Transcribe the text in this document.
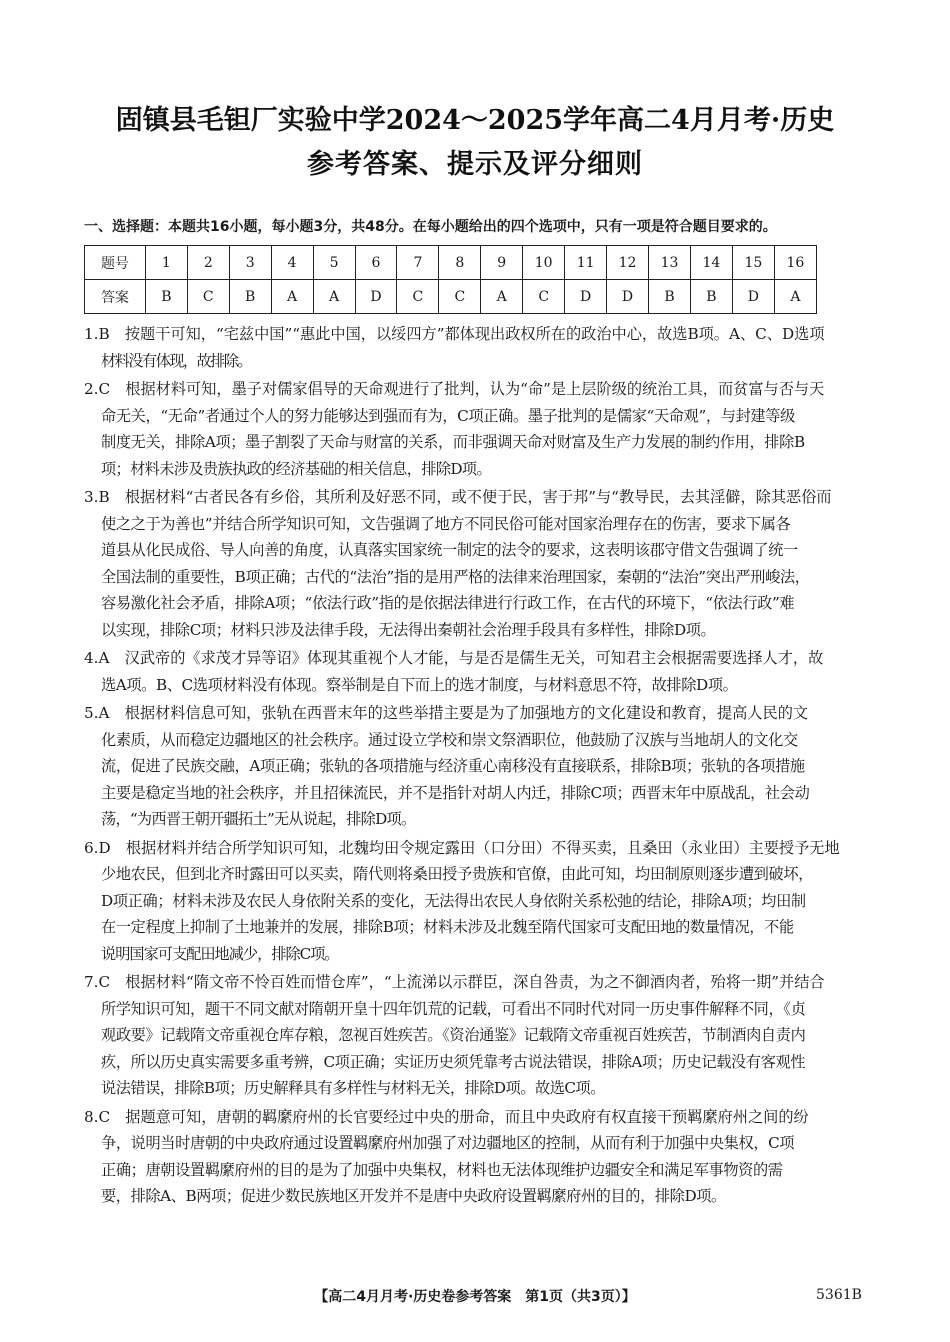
固镇县毛钽厂实验中学2024～2025学年高二4月月考·历史
参考答案、提示及评分细则
一、选择题：本题共16小题，每小题3分，共48分。在每小题给出的四个选项中，只有一项是符合题目要求的。
题号	1	2	3	4	5	6	7	8	9	10	11	12	13	14	15	16
答案	B	C	B	A	A	D	C	C	A	C	D	D	B	B	D	A
1.B　按题干可知，“宅兹中国”“惠此中国，以绥四方”都体现出政权所在的政治中心，故选B项。A、C、D选项
材料没有体现，故排除。
2.C　根据材料可知，墨子对儒家倡导的天命观进行了批判，认为“命”是上层阶级的统治工具，而贫富与否与天
命无关，“无命”者通过个人的努力能够达到强而有为，C项正确。墨子批判的是儒家“天命观”，与封建等级
制度无关，排除A项；墨子割裂了天命与财富的关系，而非强调天命对财富及生产力发展的制约作用，排除B
项；材料未涉及贵族执政的经济基础的相关信息，排除D项。
3.B　根据材料“古者民各有乡俗，其所利及好恶不同，或不便于民，害于邦”与“教导民，去其淫僻，除其恶俗而
使之之于为善也”并结合所学知识可知，文告强调了地方不同民俗可能对国家治理存在的伤害，要求下属各
道县从化民成俗、导人向善的角度，认真落实国家统一制定的法令的要求，这表明该郡守借文告强调了统一
全国法制的重要性，B项正确；古代的“法治”指的是用严格的法律来治理国家，秦朝的“法治”突出严刑峻法，
容易激化社会矛盾，排除A项；“依法行政”指的是依据法律进行行政工作，在古代的环境下，“依法行政”难
以实现，排除C项；材料只涉及法律手段，无法得出秦朝社会治理手段具有多样性，排除D项。
4.A　汉武帝的《求茂才异等诏》体现其重视个人才能，与是否是儒生无关，可知君主会根据需要选择人才，故
选A项。B、C选项材料没有体现。察举制是自下而上的选才制度，与材料意思不符，故排除D项。
5.A　根据材料信息可知，张轨在西晋末年的这些举措主要是为了加强地方的文化建设和教育，提高人民的文
化素质，从而稳定边疆地区的社会秩序。通过设立学校和崇文祭酒职位，他鼓励了汉族与当地胡人的文化交
流，促进了民族交融，A项正确；张轨的各项措施与经济重心南移没有直接联系，排除B项；张轨的各项措施
主要是稳定当地的社会秩序，并且招徕流民，并不是指针对胡人内迁，排除C项；西晋末年中原战乱，社会动
荡，“为西晋王朝开疆拓土”无从说起，排除D项。
6.D　根据材料并结合所学知识可知，北魏均田令规定露田（口分田）不得买卖，且桑田（永业田）主要授予无地
少地农民，但到北齐时露田可以买卖，隋代则将桑田授予贵族和官僚，由此可知，均田制原则逐步遭到破坏，
D项正确；材料未涉及农民人身依附关系的变化，无法得出农民人身依附关系松弛的结论，排除A项；均田制
在一定程度上抑制了土地兼并的发展，排除B项；材料未涉及北魏至隋代国家可支配田地的数量情况，不能
说明国家可支配田地减少，排除C项。
7.C　根据材料“隋文帝不怜百姓而惜仓库”，“上流涕以示群臣，深自咎责，为之不御酒肉者，殆将一期”并结合
所学知识可知，题干不同文献对隋朝开皇十四年饥荒的记载，可看出不同时代对同一历史事件解释不同，《贞
观政要》记载隋文帝重视仓库存粮，忽视百姓疾苦。《资治通鉴》记载隋文帝重视百姓疾苦，节制酒肉自责内
疚，所以历史真实需要多重考辨，C项正确；实证历史须凭靠考古说法错误，排除A项；历史记载没有客观性
说法错误，排除B项；历史解释具有多样性与材料无关，排除D项。故选C项。
8.C　据题意可知，唐朝的羁縻府州的长官要经过中央的册命，而且中央政府有权直接干预羁縻府州之间的纷
争，说明当时唐朝的中央政府通过设置羁縻府州加强了对边疆地区的控制，从而有利于加强中央集权，C项
正确；唐朝设置羁縻府州的目的是为了加强中央集权，材料也无法体现维护边疆安全和满足军事物资的需
要，排除A、B两项；促进少数民族地区开发并不是唐中央政府设置羁縻府州的目的，排除D项。
【高二4月月考·历史卷参考答案　第1页（共3页）】	5361B
